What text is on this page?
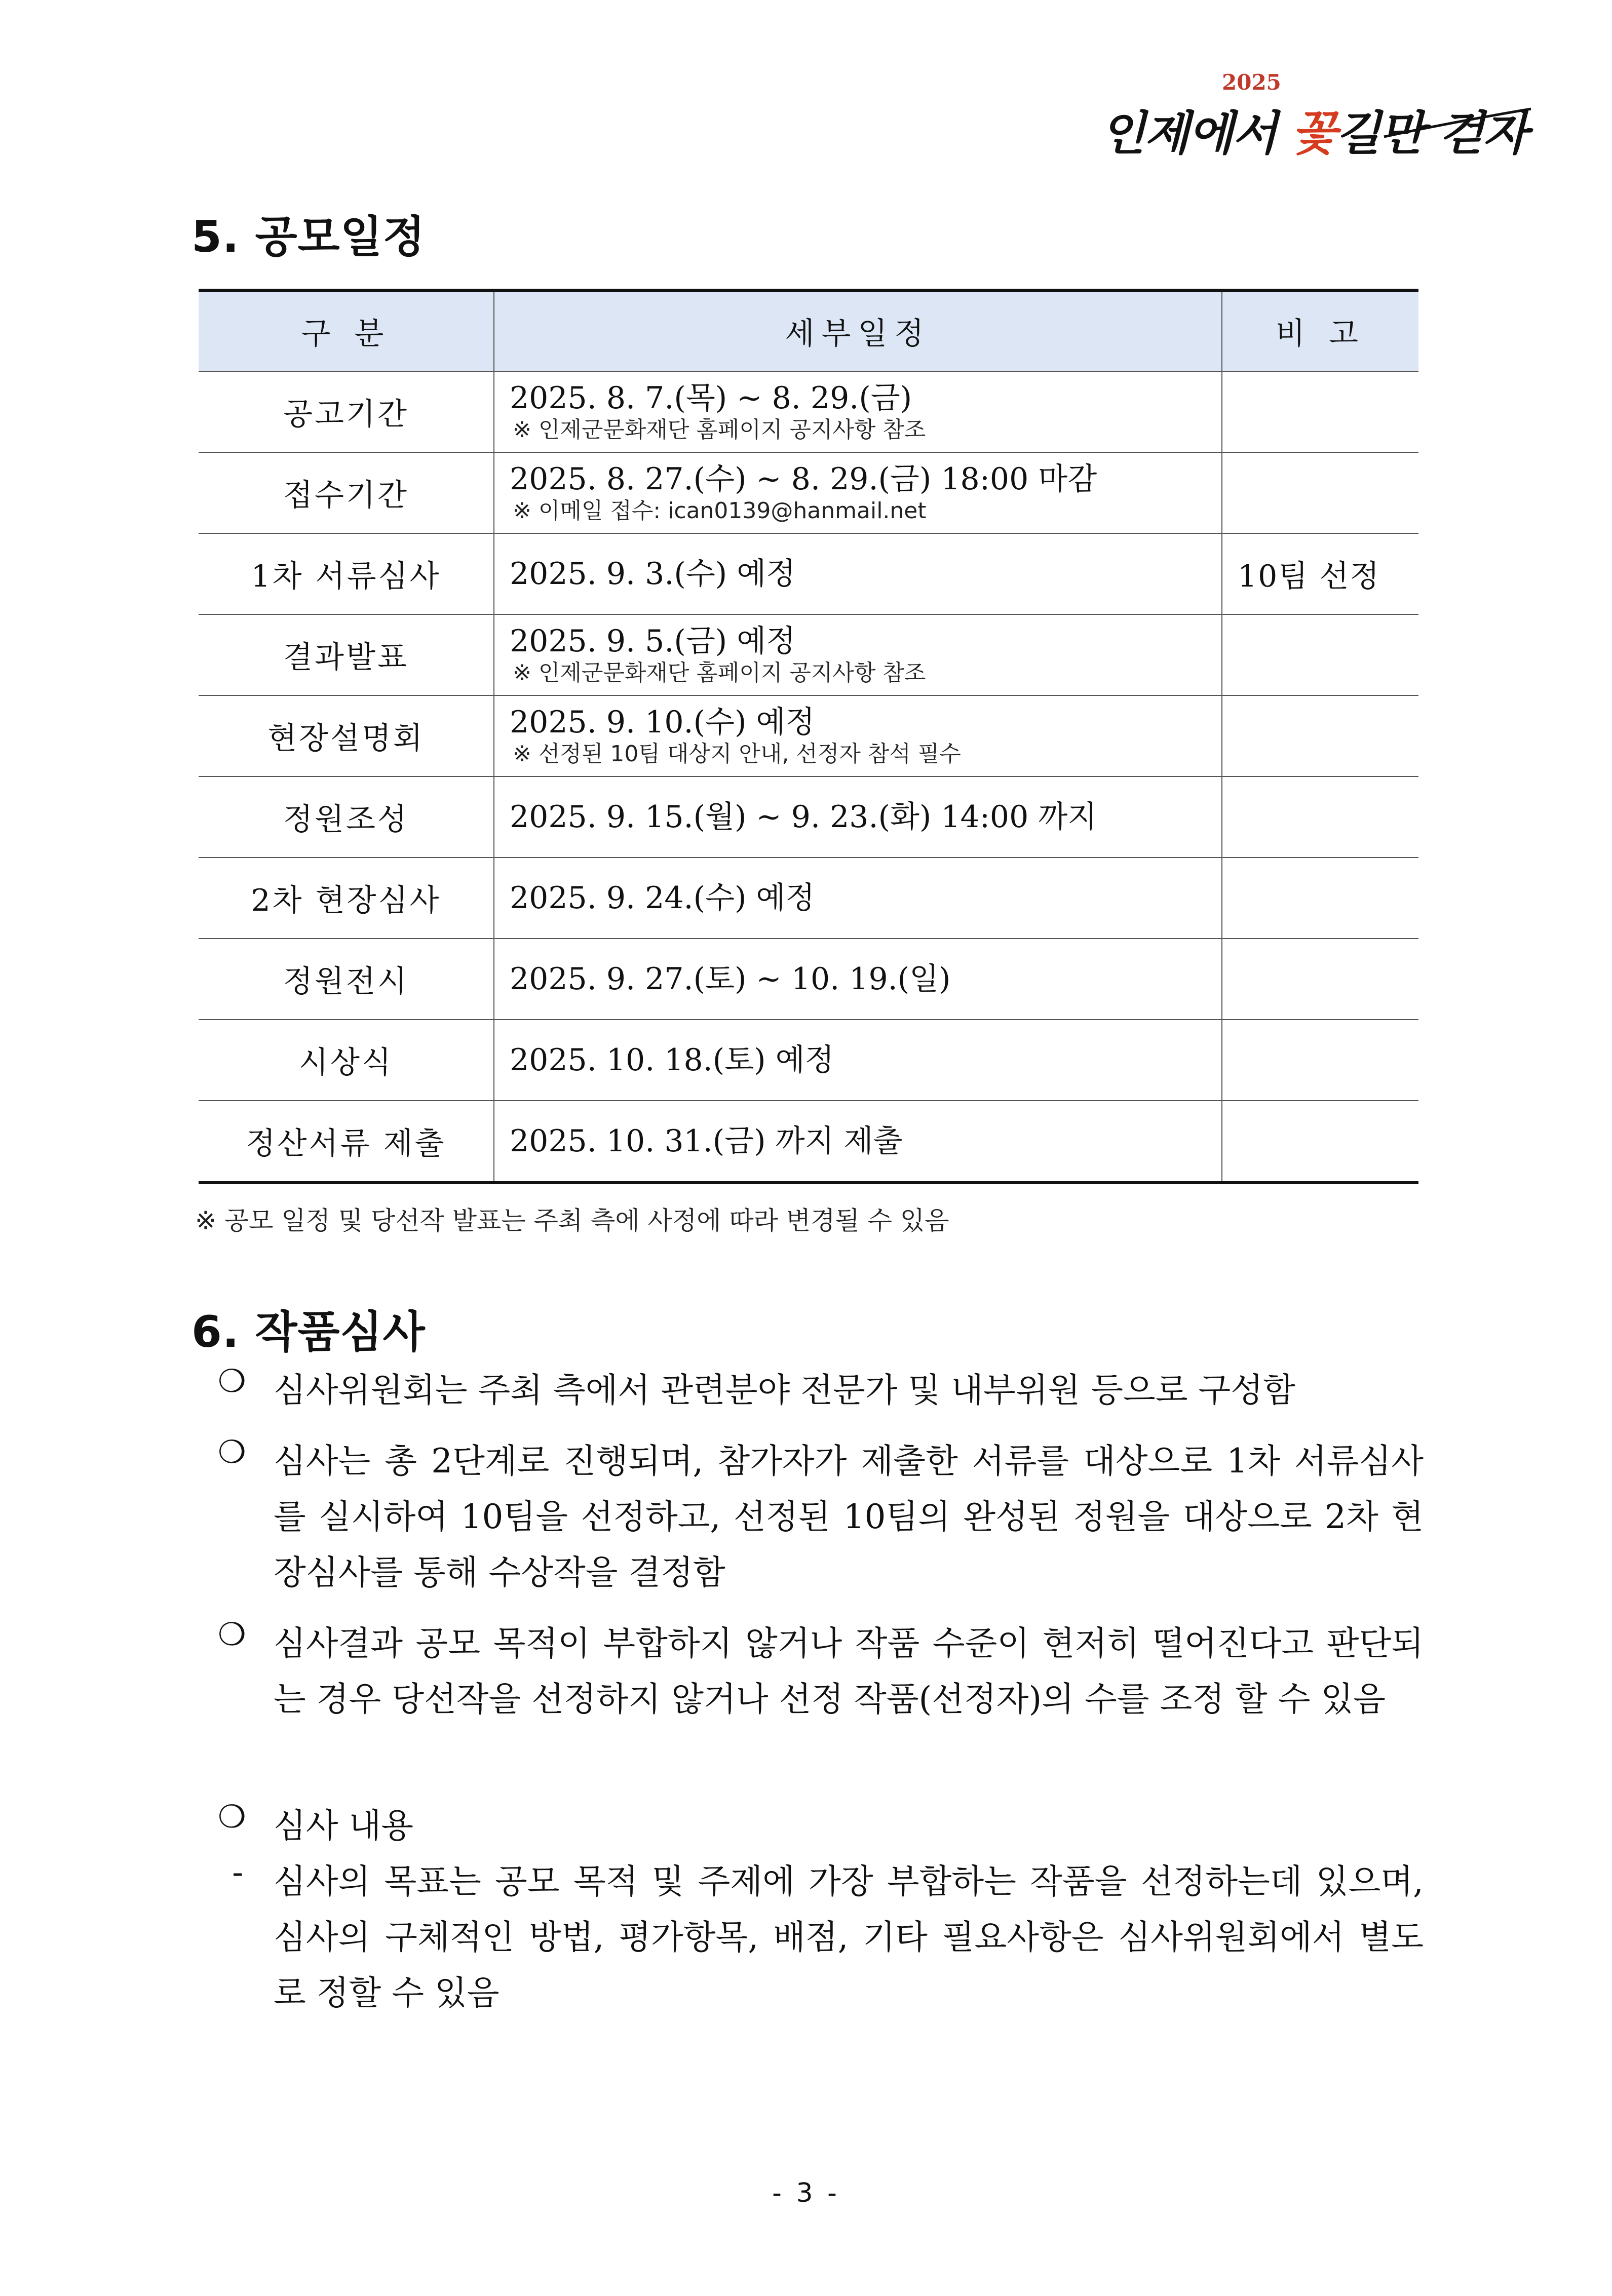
2025
인제에서 꽃길만 걷자
5. 공모일정
구 분	세부일정	비 고
공고기간	2025. 8. 7.(목) ~ 8. 29.(금)
※ 인제군문화재단 홈페이지 공지사항 참조	

접수기간	2025. 8. 27.(수) ~ 8. 29.(금) 18:00 마감
※ 이메일 접수: ican0139@hanmail.net	

1차 서류심사	2025. 9. 3.(수) 예정	10팀 선정
결과발표	2025. 9. 5.(금) 예정
※ 인제군문화재단 홈페이지 공지사항 참조	

현장설명회	2025. 9. 10.(수) 예정
※ 선정된 10팀 대상지 안내, 선정자 참석 필수	

정원조성	2025. 9. 15.(월) ~ 9. 23.(화) 14:00 까지	

2차 현장심사	2025. 9. 24.(수) 예정	

정원전시	2025. 9. 27.(토) ~ 10. 19.(일)	

시상식	2025. 10. 18.(토) 예정	

정산서류 제출	2025. 10. 31.(금) 까지 제출	

※ 공모 일정 및 당선작 발표는 주최 측에 사정에 따라 변경될 수 있음
6. 작품심사
❍ 심사위원회는 주최 측에서 관련분야 전문가 및 내부위원 등으로 구성함
❍ 심사는 총 2단계로 진행되며, 참가자가 제출한 서류를 대상으로 1차 서류심사를 실시하여 10팀을 선정하고, 선정된 10팀의 완성된 정원을 대상으로 2차 현장심사를 통해 수상작을 결정함
❍ 심사결과 공모 목적이 부합하지 않거나 작품 수준이 현저히 떨어진다고 판단되는 경우 당선작을 선정하지 않거나 선정 작품(선정자)의 수를 조정 할 수 있음
❍ 심사 내용
- 심사의 목표는 공모 목적 및 주제에 가장 부합하는 작품을 선정하는데 있으며, 심사의 구체적인 방법, 평가항목, 배점, 기타 필요사항은 심사위원회에서 별도로 정할 수 있음
- 3 -
